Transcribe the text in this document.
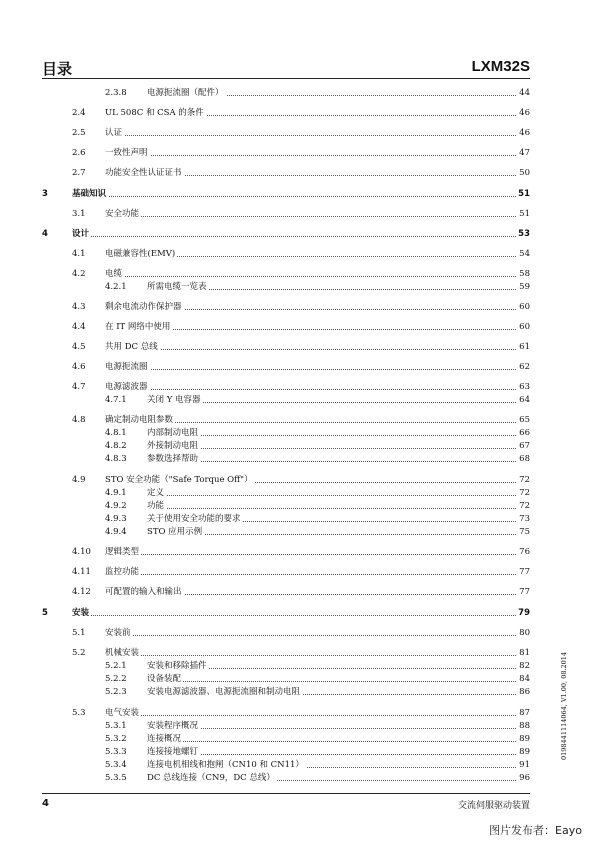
目录	LXM32S
2.3.8 电源扼流圈（配件）	44
2.4 UL 508C 和 CSA 的条件	46
2.5 认证	46
2.6 一致性声明	47
2.7 功能安全性认证证书	50
3	基础知识	51
3.1 安全功能	51
4	设计	53
4.1 电磁兼容性(EMV)	54
4.2 电缆	58
4.2.1 所需电缆一览表	59
4.3 剩余电流动作保护器	60
4.4 在 IT 网络中使用	60
4.5 共用 DC 总线	61
4.6 电源扼流圈	62
4.7 电源滤波器	63
4.7.1 关闭 Y 电容器	64
4.8 确定制动电阻参数	65
4.8.1 内部制动电阻	66
4.8.2 外接制动电阻	67
4.8.3 参数选择帮助	68
4.9 STO 安全功能（"Safe Torque Off"）	72
4.9.1 定义	72
4.9.2 功能	72
4.9.3 关于使用安全功能的要求	73
4.9.4 STO 应用示例	75
4.10 逻辑类型	76
4.11 监控功能	77
4.12 可配置的输入和输出	77
5	安装	79
5.1 安装前	80
5.2 机械安装	81
5.2.1 安装和移除插件	82
5.2.2 设备装配	84
5.2.3 安装电源滤波器、电源扼流圈和制动电阻	86
5.3 电气安装	87
5.3.1 安装程序概况	88
5.3.2 连接概况	89
5.3.3 连接接地螺钉	89
5.3.4 连接电机相线和抱闸（CN10 和 CN11）	91
5.3.5 DC 总线连接（CN9，DC 总线）	96
4	交流伺服驱动装置
0198441114064, V1.00, 08.2014
图片发布者：Eayo
